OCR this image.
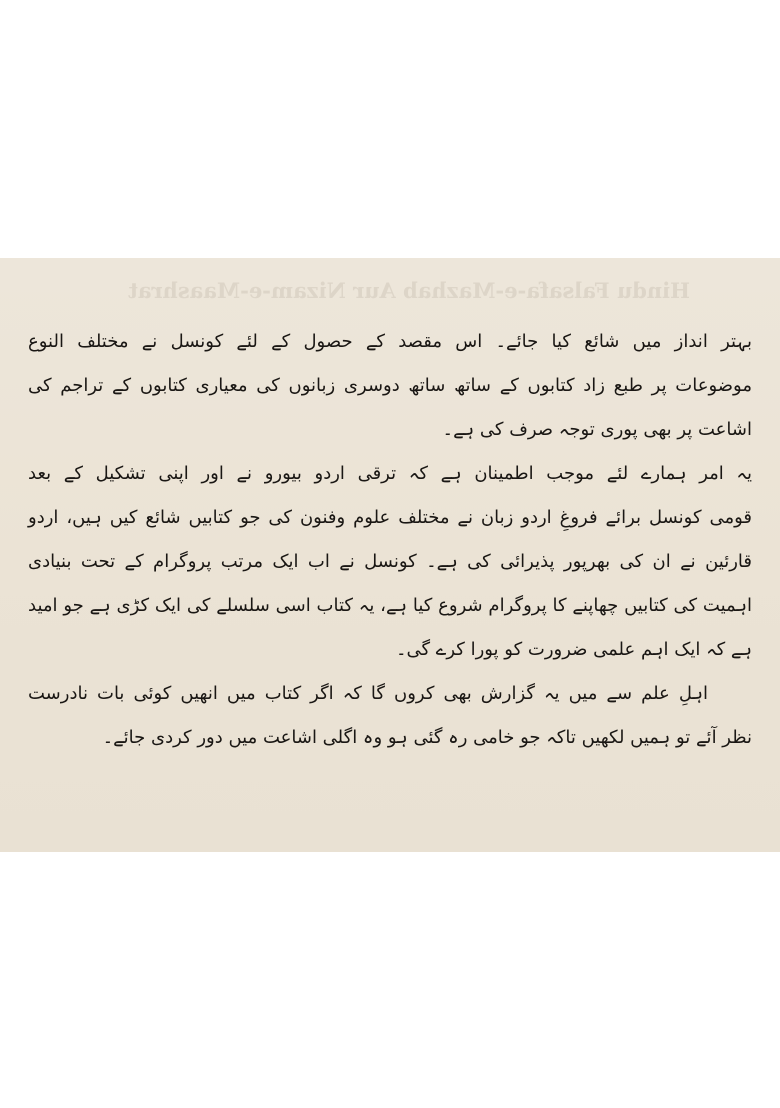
Hindu Falsafa-e-Mazhab Aur Nizam-e-Maashrat
بہتر انداز میں شائع کیا جائے۔ اس مقصد کے حصول کے لئے کونسل نے مختلف النوع
موضوعات پر طبع زاد کتابوں کے ساتھ ساتھ دوسری زبانوں کی معیاری کتابوں کے تراجم کی
اشاعت پر بھی پوری توجہ صرف کی ہے۔
یہ امر ہمارے لئے موجب اطمینان ہے کہ ترقی اردو بیورو نے اور اپنی تشکیل کے بعد
قومی کونسل برائے فروغِ اردو زبان نے مختلف علوم وفنون کی جو کتابیں شائع کیں ہیں، اردو
قارئین نے ان کی بھرپور پذیرائی کی ہے۔ کونسل نے اب ایک مرتب پروگرام کے تحت بنیادی
اہمیت کی کتابیں چھاپنے کا پروگرام شروع کیا ہے، یہ کتاب اسی سلسلے کی ایک کڑی ہے جو امید
ہے کہ ایک اہم علمی ضرورت کو پورا کرے گی۔
اہلِ علم سے میں یہ گزارش بھی کروں گا کہ اگر کتاب میں انھیں کوئی بات نادرست
نظر آئے تو ہمیں لکھیں تاکہ جو خامی رہ گئی ہو وہ اگلی اشاعت میں دور کردی جائے۔
